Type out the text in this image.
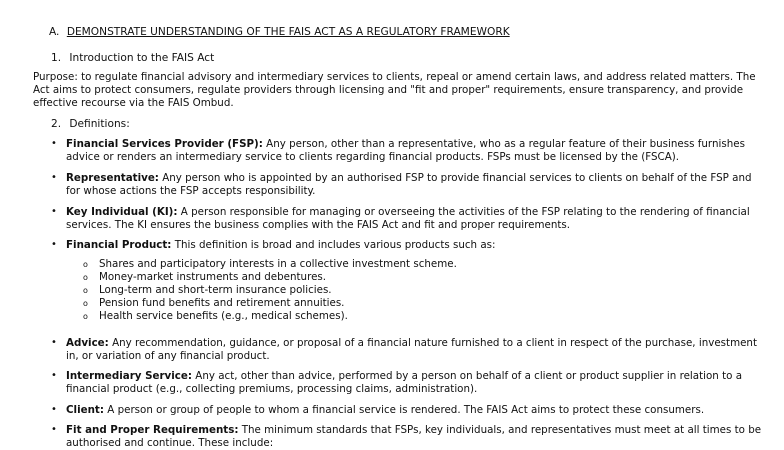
A. DEMONSTRATE UNDERSTANDING OF THE FAIS ACT AS A REGULATORY FRAMEWORK
1. Introduction to the FAIS Act

Purpose: to regulate financial advisory and intermediary services to clients, repeal or amend certain laws, and address related matters. The

Act aims to protect consumers, regulate providers through licensing and "fit and proper" requirements, ensure transparency, and provide

effective recourse via the FAIS Ombud.

2. Definitions:
• Financial Services Provider (FSP): Any person, other than a representative, who as a regular feature of their business furnishes

advice or renders an intermediary service to clients regarding financial products. FSPs must be licensed by the (FSCA).

• Representative: Any person who is appointed by an authorised FSP to provide financial services to clients on behalf of the FSP and

for whose actions the FSP accepts responsibility.

• Key Individual (KI): A person responsible for managing or overseeing the activities of the FSP relating to the rendering of financial

services. The KI ensures the business complies with the FAIS Act and fit and proper requirements.

• Financial Product: This definition is broad and includes various products such as:

o Shares and participatory interests in a collective investment scheme.
o Money-market instruments and debentures.
o Long-term and short-term insurance policies.
o Pension fund benefits and retirement annuities.
o Health service benefits (e.g., medical schemes).
• Advice: Any recommendation, guidance, or proposal of a financial nature furnished to a client in respect of the purchase, investment

in, or variation of any financial product.

• Intermediary Service: Any act, other than advice, performed by a person on behalf of a client or product supplier in relation to a

financial product (e.g., collecting premiums, processing claims, administration).

• Client: A person or group of people to whom a financial service is rendered. The FAIS Act aims to protect these consumers.

• Fit and Proper Requirements: The minimum standards that FSPs, key individuals, and representatives must meet at all times to be

authorised and continue. These include:
